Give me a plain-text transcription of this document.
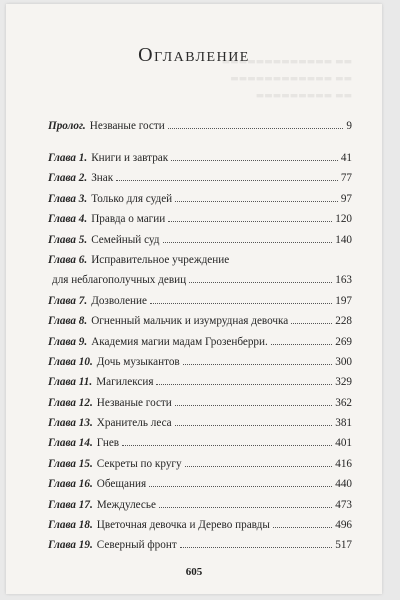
▬▬▬▬▬▬▬▬▬▬▬▬▬ ▬▬
▬▬▬▬▬▬▬▬▬▬▬▬ ▬▬
▬▬▬▬▬▬▬▬▬ ▬▬
Оглавление
Пролог. Незваные гости	9
Глава 1. Книги и завтрак	41
Глава 2. Знак	77
Глава 3. Только для судей	97
Глава 4. Правда о магии	120
Глава 5. Семейный суд	140
Глава 6. Исправительное учреждение
для неблагополучных девиц	163
Глава 7. Дозволение	197
Глава 8. Огненный мальчик и изумрудная девочка	228
Глава 9. Академия магии мадам Грозенберри.	269
Глава 10. Дочь музыкантов	300
Глава 11. Магилексия	329
Глава 12. Незваные гости	362
Глава 13. Хранитель леса	381
Глава 14. Гнев	401
Глава 15. Секреты по кругу	416
Глава 16. Обещания	440
Глава 17. Междулесье	473
Глава 18. Цветочная девочка и Дерево правды	496
Глава 19. Северный фронт	517
605
